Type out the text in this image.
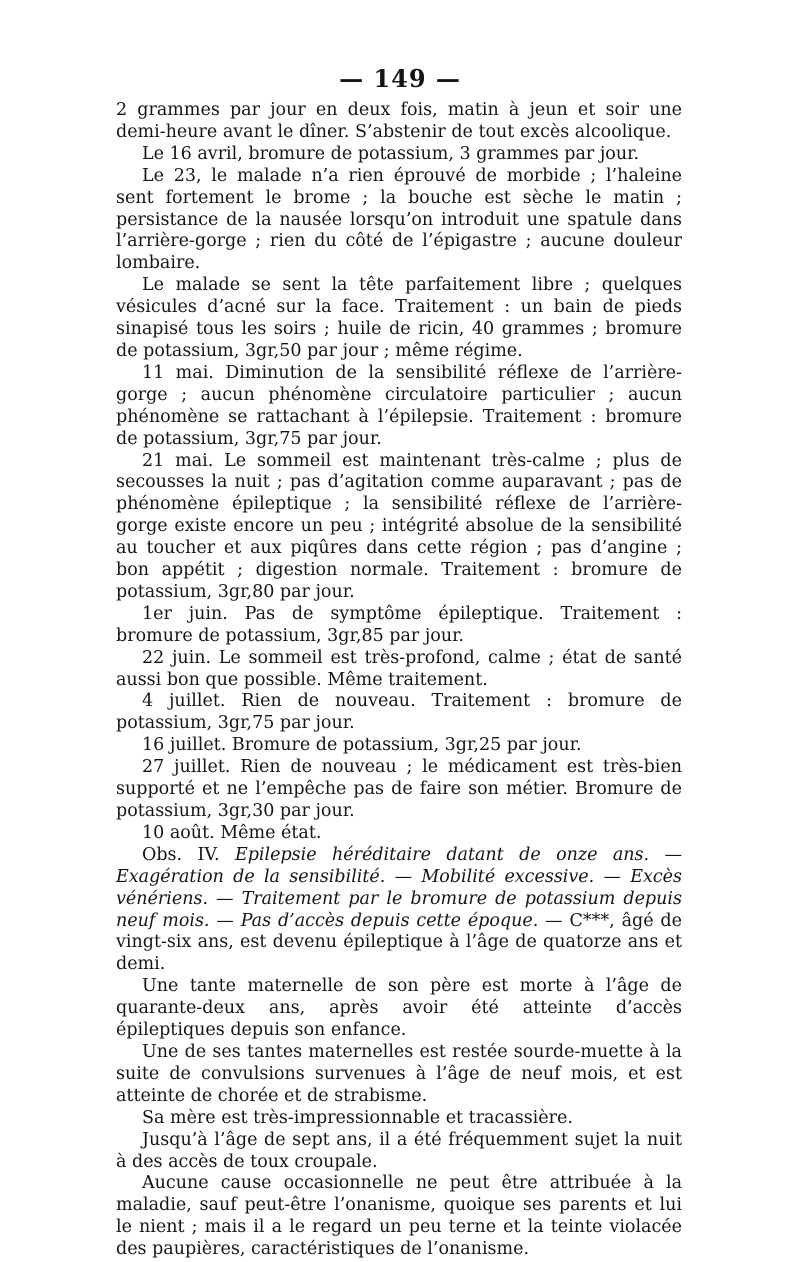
— 149 —

2 grammes par jour en deux fois, matin à jeun et soir une demi-heure avant le dîner. S’abstenir de tout excès alcoolique.

Le 16 avril, bromure de potassium, 3 grammes par jour.

Le 23, le malade n’a rien éprouvé de morbide ; l’haleine sent fortement le brome ; la bouche est sèche le matin ; persistance de la nausée lorsqu’on introduit une spatule dans l’arrière-gorge ; rien du côté de l’épigastre ; aucune douleur lombaire.

Le malade se sent la tête parfaitement libre ; quelques vésicules d’acné sur la face. Traitement : un bain de pieds sinapisé tous les soirs ; huile de ricin, 40 grammes ; bromure de potassium, 3gr,50 par jour ; même régime.

11 mai. Diminution de la sensibilité réflexe de l’arrière-gorge ; aucun phénomène circulatoire particulier ; aucun phénomène se rattachant à l’épilepsie. Traitement : bromure de potassium, 3gr,75 par jour.

21 mai. Le sommeil est maintenant très-calme ; plus de secousses la nuit ; pas d’agitation comme auparavant ; pas de phénomène épileptique ; la sensibilité réflexe de l’arrière-gorge existe encore un peu ; intégrité absolue de la sensibilité au toucher et aux piqûres dans cette région ; pas d’angine ; bon appétit ; digestion normale. Traitement : bromure de potassium, 3gr,80 par jour.

1er juin. Pas de symptôme épileptique. Traitement : bromure de potassium, 3gr,85 par jour.

22 juin. Le sommeil est très-profond, calme ; état de santé aussi bon que possible. Même traitement.

4 juillet. Rien de nouveau. Traitement : bromure de potassium, 3gr,75 par jour.

16 juillet. Bromure de potassium, 3gr,25 par jour.

27 juillet. Rien de nouveau ; le médicament est très-bien supporté et ne l’empêche pas de faire son métier. Bromure de potassium, 3gr,30 par jour.

10 août. Même état.

Obs. IV. Epilepsie héréditaire datant de onze ans. — Exagération de la sensibilité. — Mobilité excessive. — Excès vénériens. — Traitement par le bromure de potassium depuis neuf mois. — Pas d’accès depuis cette époque. — C***, âgé de vingt-six ans, est devenu épileptique à l’âge de quatorze ans et demi.

Une tante maternelle de son père est morte à l’âge de quarante-deux ans, après avoir été atteinte d’accès épileptiques depuis son enfance.

Une de ses tantes maternelles est restée sourde-muette à la suite de convulsions survenues à l’âge de neuf mois, et est atteinte de chorée et de strabisme.

Sa mère est très-impressionnable et tracassière.

Jusqu’à l’âge de sept ans, il a été fréquemment sujet la nuit à des accès de toux croupale.

Aucune cause occasionnelle ne peut être attribuée à la maladie, sauf peut-être l’onanisme, quoique ses parents et lui le nient ; mais il a le regard un peu terne et la teinte violacée des paupières, caractéristiques de l’onanisme.
